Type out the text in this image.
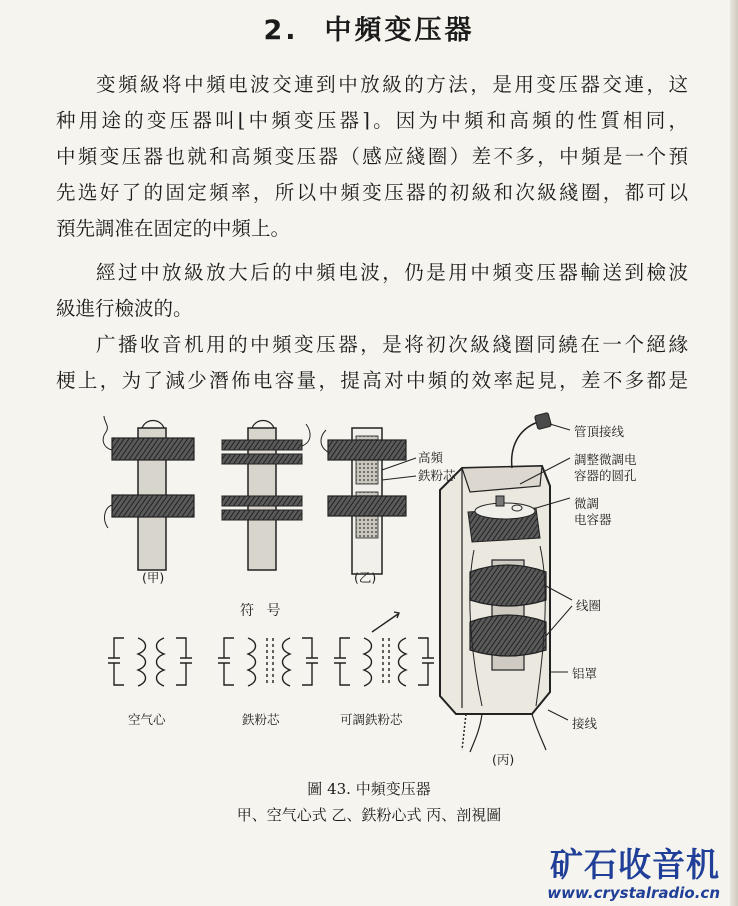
2. 中頻变压器
变頻級将中頻电波交連到中放級的方法，是用变压器交連，这
种用途的变压器叫⌊中頻变压器⌉。因为中頻和高頻的性質相同，
中頻变压器也就和高頻变压器（感应綫圈）差不多，中頻是一个預
先选好了的固定頻率，所以中頻变压器的初級和次級綫圈，都可以
預先調准在固定的中頻上。
經过中放級放大后的中頻电波，仍是用中頻变压器輸送到檢波
級進行檢波的。
广播收音机用的中頻变压器，是将初次級綫圈同繞在一个絕緣
梗上，为了減少潛佈电容量，提高对中頻的效率起見，差不多都是
(甲)	(乙)
高頻
鉄粉芯
符 号
空气心	鉄粉芯	可調鉄粉芯
管頂接线
調整微調电
容器的圆孔
微調
电容器
线圈
铝罩
接线
(丙)
圖 43. 中頻变压器
甲、空气心式 乙、鉄粉心式 丙、剖視圖
矿石收音机
www.crystalradio.cn
